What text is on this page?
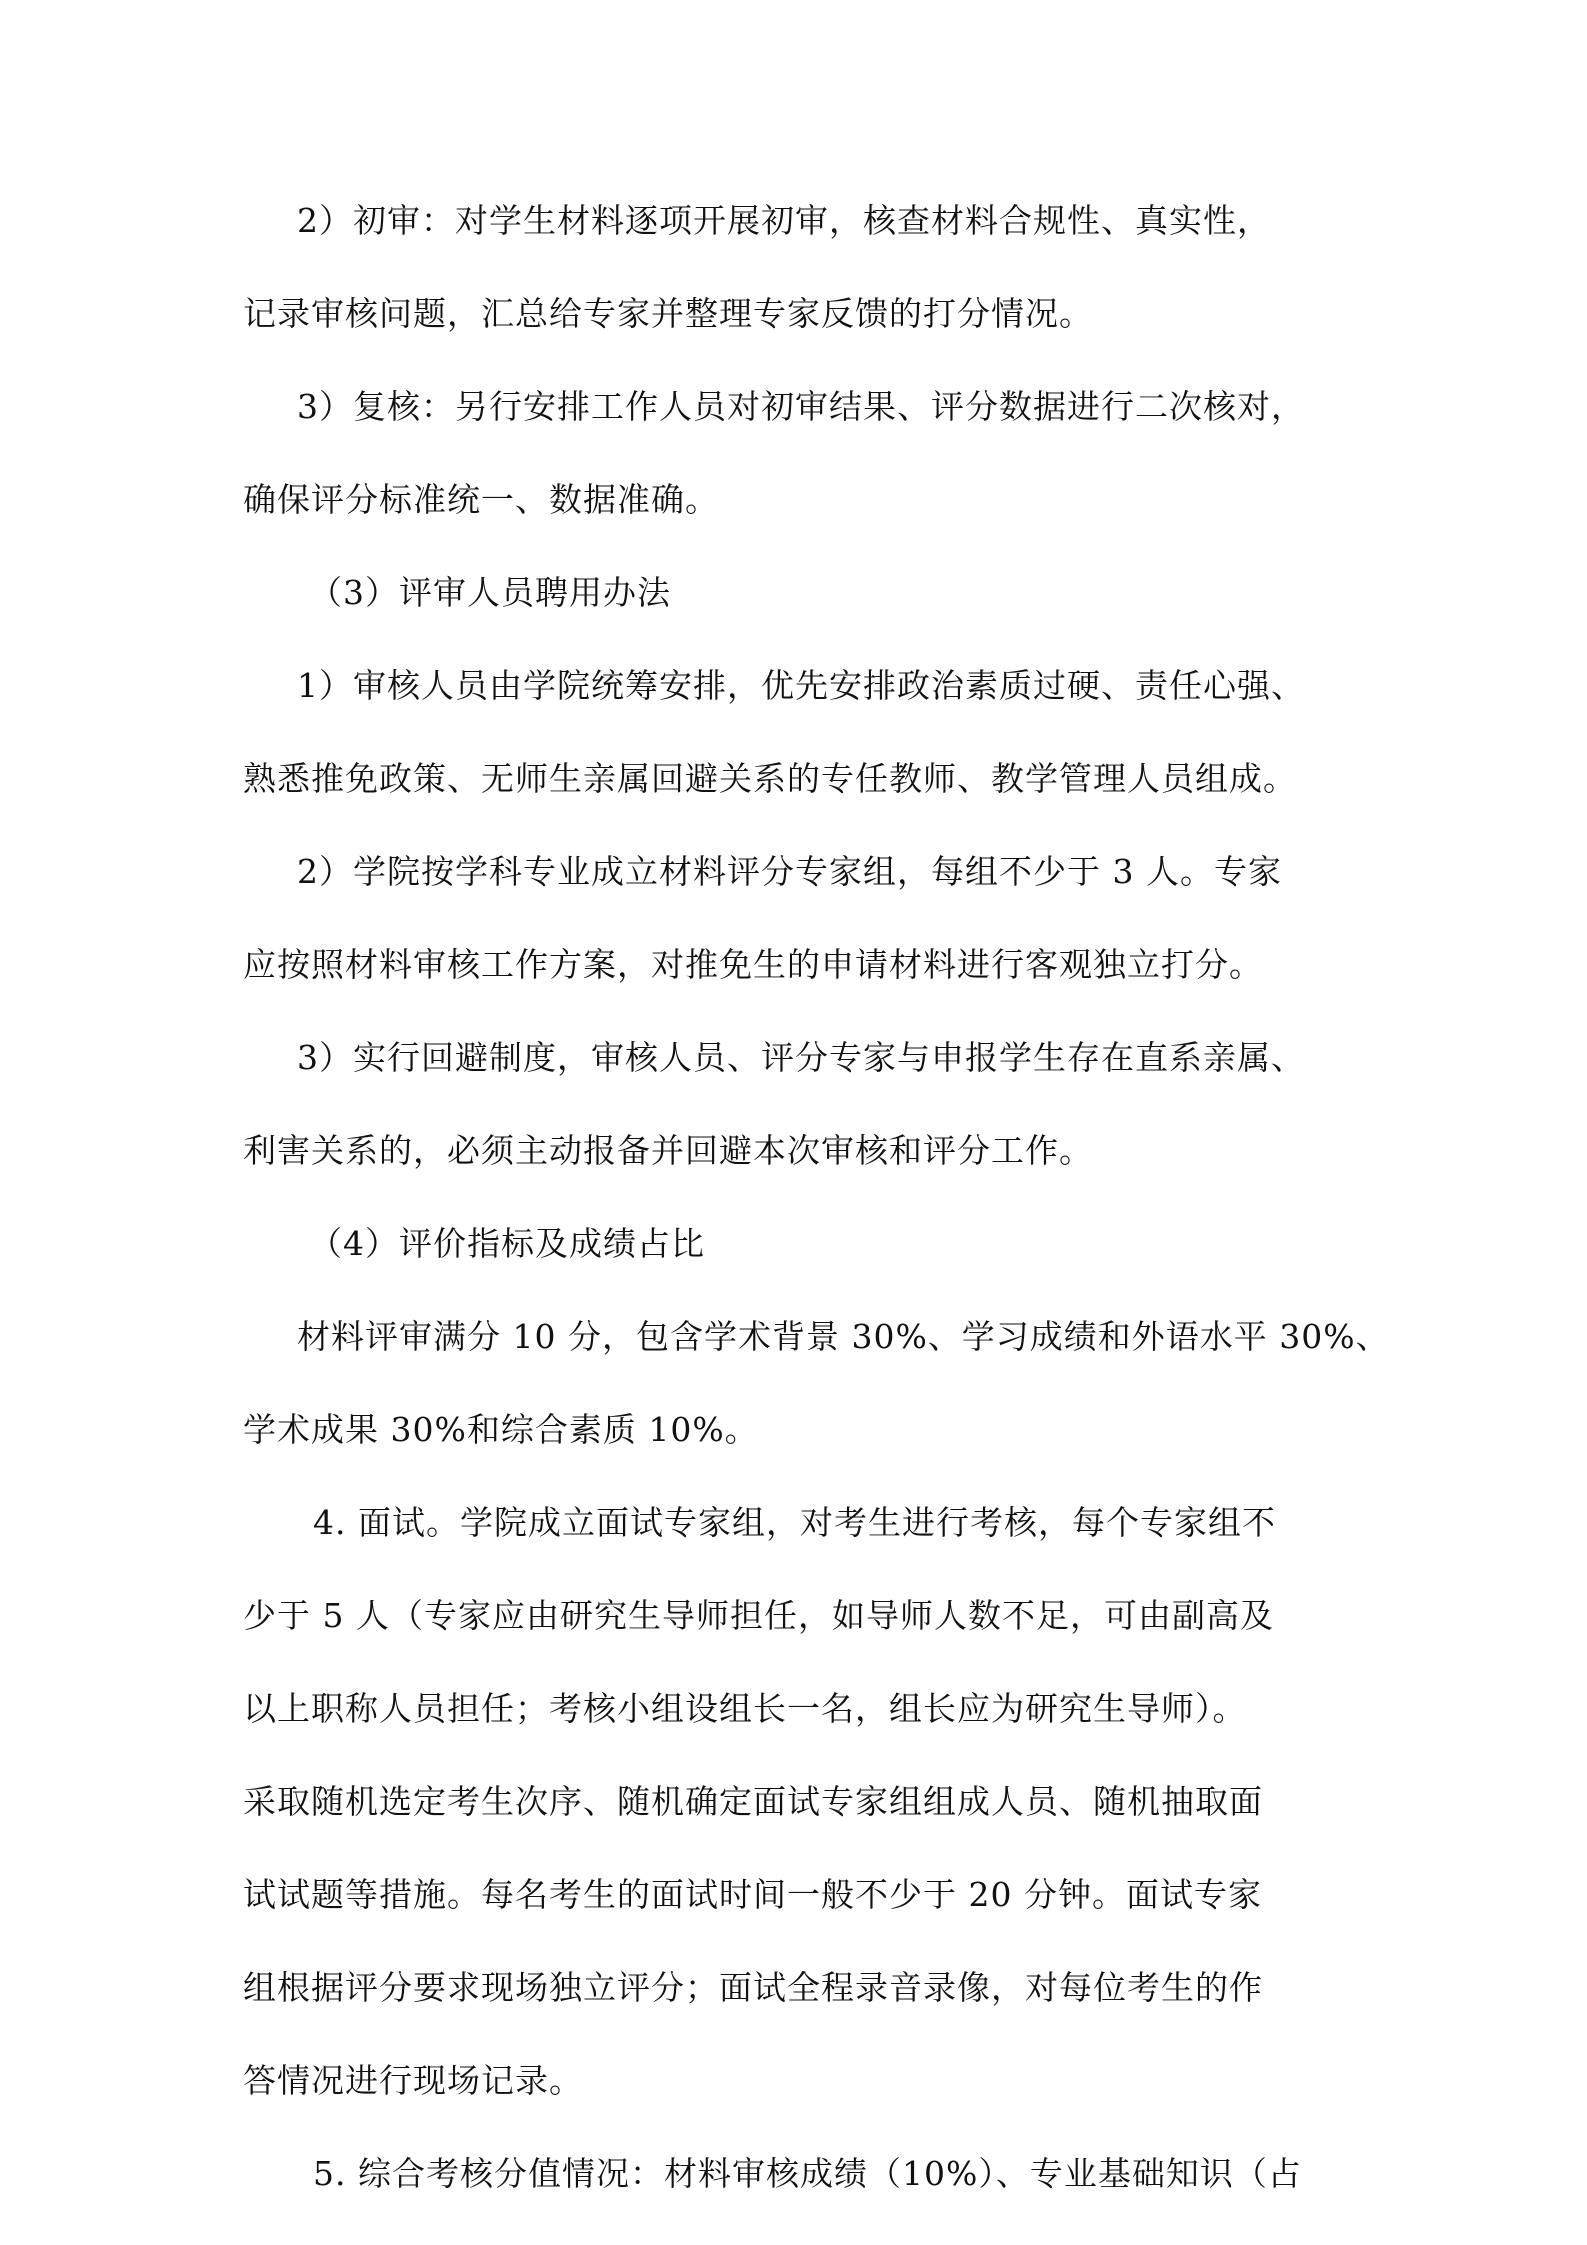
2）初审：对学生材料逐项开展初审，核查材料合规性、真实性，
记录审核问题，汇总给专家并整理专家反馈的打分情况。

3）复核：另行安排工作人员对初审结果、评分数据进行二次核对，
确保评分标准统一、数据准确。

（3）评审人员聘用办法

1）审核人员由学院统筹安排，优先安排政治素质过硬、责任心强、
熟悉推免政策、无师生亲属回避关系的专任教师、教学管理人员组成。

2）学院按学科专业成立材料评分专家组，每组不少于 3 人。专家
应按照材料审核工作方案，对推免生的申请材料进行客观独立打分。

3）实行回避制度，审核人员、评分专家与申报学生存在直系亲属、
利害关系的，必须主动报备并回避本次审核和评分工作。

（4）评价指标及成绩占比

材料评审满分 10 分，包含学术背景 30%、学习成绩和外语水平 30%、
学术成果 30%和综合素质 10%。

4. 面试。学院成立面试专家组，对考生进行考核，每个专家组不
少于 5 人（专家应由研究生导师担任，如导师人数不足，可由副高及
以上职称人员担任；考核小组设组长一名，组长应为研究生导师）。
采取随机选定考生次序、随机确定面试专家组组成人员、随机抽取面
试试题等措施。每名考生的面试时间一般不少于 20 分钟。面试专家
组根据评分要求现场独立评分；面试全程录音录像，对每位考生的作
答情况进行现场记录。

5. 综合考核分值情况：材料审核成绩（10%）、专业基础知识（占
